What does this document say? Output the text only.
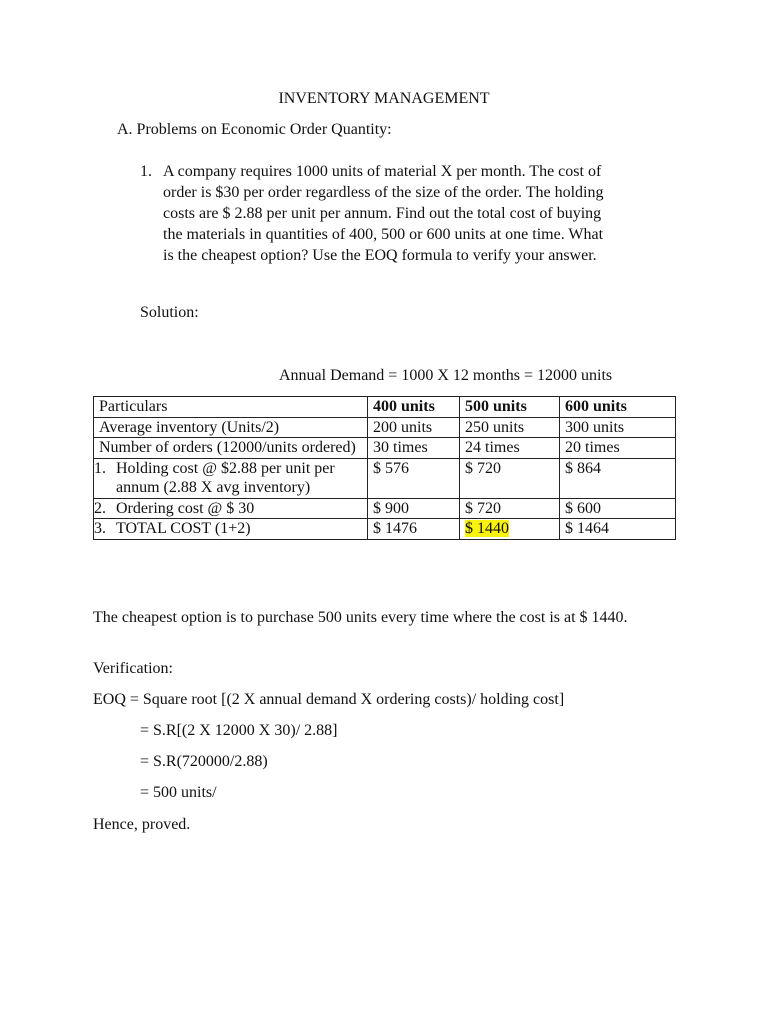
INVENTORY MANAGEMENT
A. Problems on Economic Order Quantity:
1. A company requires 1000 units of material X per month. The cost of
order is $30 per order regardless of the size of the order. The holding
costs are $ 2.88 per unit per annum. Find out the total cost of buying
the materials in quantities of 400, 500 or 600 units at one time. What
is the cheapest option? Use the EOQ formula to verify your answer.
Solution:
Annual Demand = 1000 X 12 months = 12000 units
Particulars	400 units	500 units	600 units
Average inventory (Units/2)	200 units	250 units	300 units
Number of orders (12000/units ordered)	30 times	24 times	20 times
1. Holding cost @ $2.88 per unit per annum (2.88 X avg inventory)	$ 576	$ 720	$ 864
2. Ordering cost @ $ 30	$ 900	$ 720	$ 600
3. TOTAL COST (1+2)	$ 1476	$ 1440	$ 1464
The cheapest option is to purchase 500 units every time where the cost is at $ 1440.
Verification:
EOQ = Square root [(2 X annual demand X ordering costs)/ holding cost]
= S.R[(2 X 12000 X 30)/ 2.88]
= S.R(720000/2.88)
= 500 units/
Hence, proved.
